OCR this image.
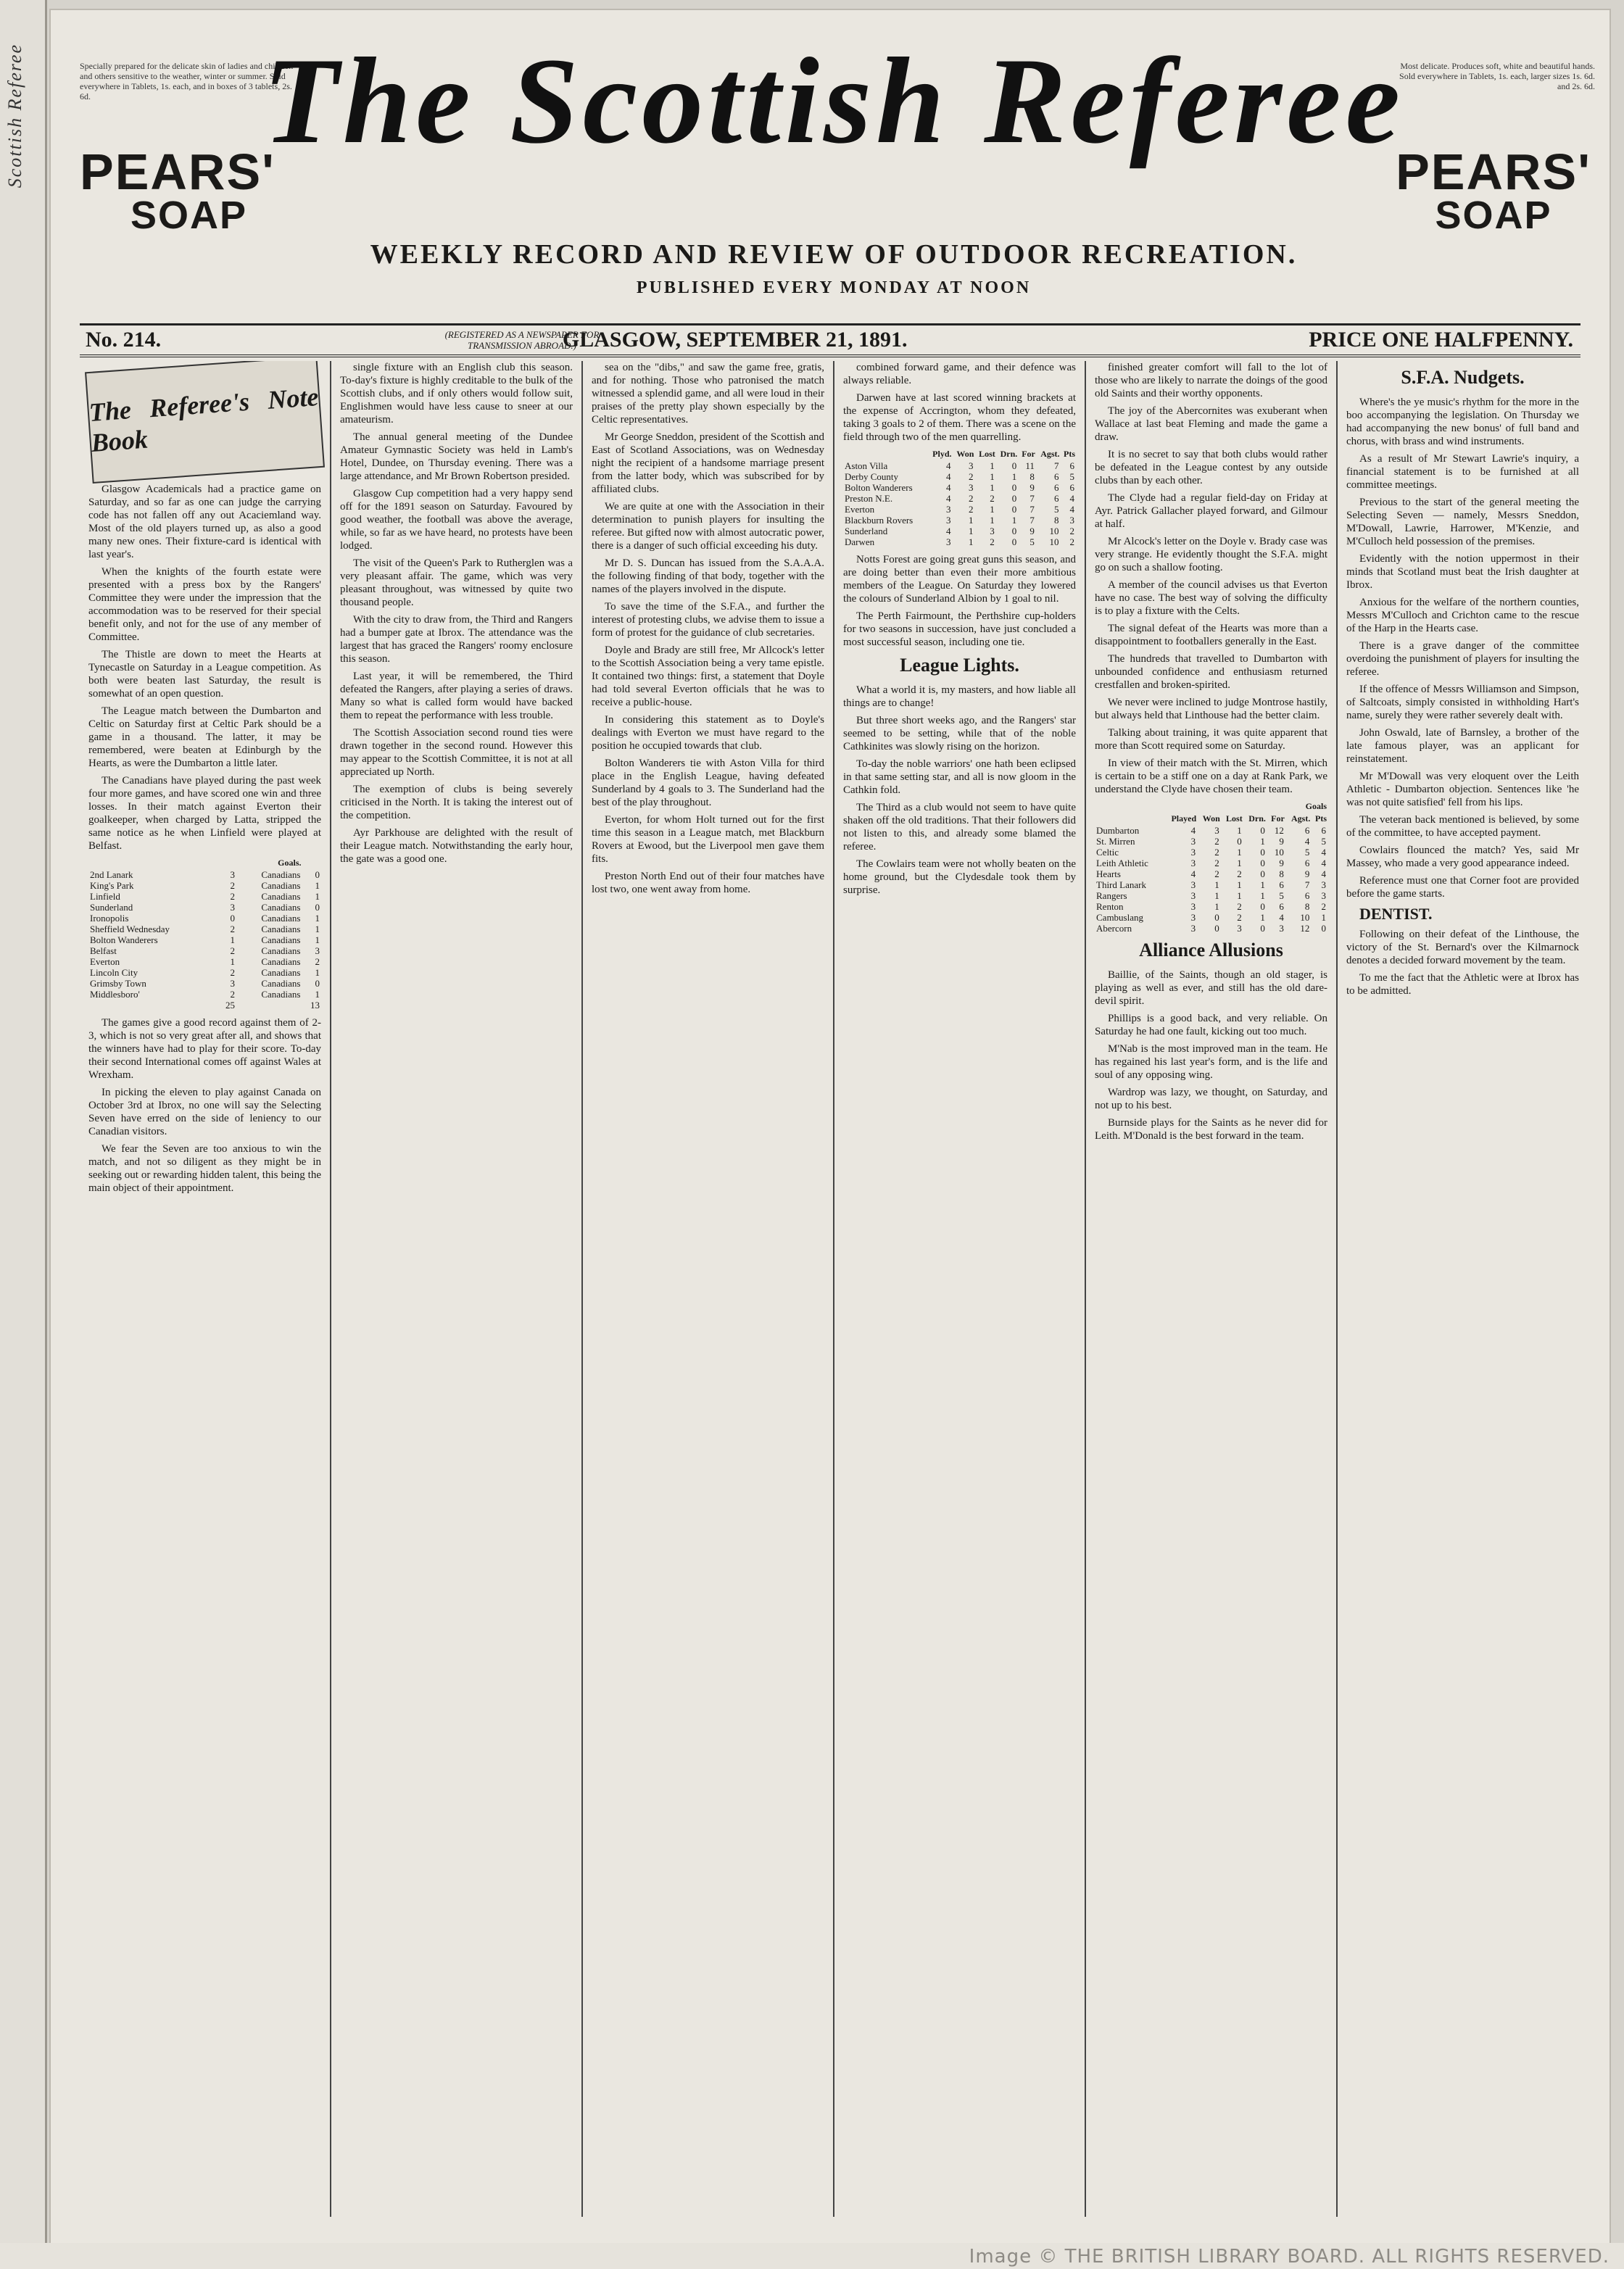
Scottish Referee	Specially prepared for the delicate skin of ladies and children and others sensitive to the weather, winter or summer. Sold everywhere in Tablets, 1s. each, and in boxes of 3 tablets, 2s. 6d.
PEARS'
SOAP
The Scottish Referee
WEEKLY RECORD AND REVIEW OF OUTDOOR RECREATION.
PUBLISHED EVERY MONDAY AT NOON
(REGISTERED AS A NEWSPAPER FOR TRANSMISSION ABROAD.)
Most delicate. Produces soft, white and beautiful hands. Sold everywhere in Tablets, 1s. each, larger sizes 1s. 6d. and 2s. 6d.
PEARS'
SOAP
No. 214.	GLASGOW, SEPTEMBER 21, 1891.	PRICE ONE HALFPENNY.
The Referee's Note Book

Glasgow Academicals had a practice game on Saturday, and so far as one can judge the carrying code has not fallen off any out Acaciemland way. Most of the old players turned up, as also a good many new ones. Their fixture-card is identical with last year's.

When the knights of the fourth estate were presented with a press box by the Rangers' Committee they were under the impression that the accommodation was to be reserved for their special benefit only, and not for the use of any member of Committee.

The Thistle are down to meet the Hearts at Tynecastle on Saturday in a League competition. As both were beaten last Saturday, the result is somewhat of an open question.

The League match between the Dumbarton and Celtic on Saturday first at Celtic Park should be a game in a thousand. The latter, it may be remembered, were beaten at Edinburgh by the Hearts, as were the Dumbarton a little later.

The Canadians have played during the past week four more games, and have scored one win and three losses. In their match against Everton their goalkeeper, when charged by Latta, stripped the same notice as he when Linfield were played at Belfast.

		Goals.	
2nd Lanark	3	Canadians	0
King's Park	2	Canadians	1
Linfield	2	Canadians	1
Sunderland	3	Canadians	0
Ironopolis	0	Canadians	1
Sheffield Wednesday	2	Canadians	1
Bolton Wanderers	1	Canadians	1
Belfast	2	Canadians	3
Everton	1	Canadians	2
Lincoln City	2	Canadians	1
Grimsby Town	3	Canadians	0
Middlesboro'	2	Canadians	1
	25		13

The games give a good record against them of 2-3, which is not so very great after all, and shows that the winners have had to play for their score. To-day their second International comes off against Wales at Wrexham.

In picking the eleven to play against Canada on October 3rd at Ibrox, no one will say the Selecting Seven have erred on the side of leniency to our Canadian visitors.

We fear the Seven are too anxious to win the match, and not so diligent as they might be in seeking out or rewarding hidden talent, this being the main object of their appointment.

single fixture with an English club this season. To-day's fixture is highly creditable to the bulk of the Scottish clubs, and if only others would follow suit, Englishmen would have less cause to sneer at our amateurism.

The annual general meeting of the Dundee Amateur Gymnastic Society was held in Lamb's Hotel, Dundee, on Thursday evening. There was a large attendance, and Mr Brown Robertson presided.

Glasgow Cup competition had a very happy send off for the 1891 season on Saturday. Favoured by good weather, the football was above the average, while, so far as we have heard, no protests have been lodged.

The visit of the Queen's Park to Rutherglen was a very pleasant affair. The game, which was very pleasant throughout, was witnessed by quite two thousand people.

With the city to draw from, the Third and Rangers had a bumper gate at Ibrox. The attendance was the largest that has graced the Rangers' roomy enclosure this season.

Last year, it will be remembered, the Third defeated the Rangers, after playing a series of draws. Many so what is called form would have backed them to repeat the performance with less trouble.

The Scottish Association second round ties were drawn together in the second round. However this may appear to the Scottish Committee, it is not at all appreciated up North.

The exemption of clubs is being severely criticised in the North. It is taking the interest out of the competition.

Ayr Parkhouse are delighted with the result of their League match. Notwithstanding the early hour, the gate was a good one.

sea on the "dibs," and saw the game free, gratis, and for nothing. Those who patronised the match witnessed a splendid game, and all were loud in their praises of the pretty play shown especially by the Celtic representatives.

Mr George Sneddon, president of the Scottish and East of Scotland Associations, was on Wednesday night the recipient of a handsome marriage present from the latter body, which was subscribed for by affiliated clubs.

We are quite at one with the Association in their determination to punish players for insulting the referee. But gifted now with almost autocratic power, there is a danger of such official exceeding his duty.

Mr D. S. Duncan has issued from the S.A.A.A. the following finding of that body, together with the names of the players involved in the dispute.

To save the time of the S.F.A., and further the interest of protesting clubs, we advise them to issue a form of protest for the guidance of club secretaries.

Doyle and Brady are still free, Mr Allcock's letter to the Scottish Association being a very tame epistle. It contained two things: first, a statement that Doyle had told several Everton officials that he was to receive a public-house.

In considering this statement as to Doyle's dealings with Everton we must have regard to the position he occupied towards that club.

Bolton Wanderers tie with Aston Villa for third place in the English League, having defeated Sunderland by 4 goals to 3. The Sunderland had the best of the play throughout.

Everton, for whom Holt turned out for the first time this season in a League match, met Blackburn Rovers at Ewood, but the Liverpool men gave them fits.

Preston North End out of their four matches have lost two, one went away from home.

combined forward game, and their defence was always reliable.

Darwen have at last scored winning brackets at the expense of Accrington, whom they defeated, taking 3 goals to 2 of them. There was a scene on the field through two of the men quarrelling.

	Plyd.	Won	Lost	Drn.	For	Agst.	Pts
Aston Villa	4	3	1	0	11	7	6
Derby County	4	2	1	1	8	6	5
Bolton Wanderers	4	3	1	0	9	6	6
Preston N.E.	4	2	2	0	7	6	4
Everton	3	2	1	0	7	5	4
Blackburn Rovers	3	1	1	1	7	8	3
Sunderland	4	1	3	0	9	10	2
Darwen	3	1	2	0	5	10	2

Notts Forest are going great guns this season, and are doing better than even their more ambitious members of the League. On Saturday they lowered the colours of Sunderland Albion by 1 goal to nil.

The Perth Fairmount, the Perthshire cup-holders for two seasons in succession, have just concluded a most successful season, including one tie.

League Lights.

What a world it is, my masters, and how liable all things are to change!

But three short weeks ago, and the Rangers' star seemed to be setting, while that of the noble Cathkinites was slowly rising on the horizon.

To-day the noble warriors' one hath been eclipsed in that same setting star, and all is now gloom in the Cathkin fold.

The Third as a club would not seem to have quite shaken off the old traditions. That their followers did not listen to this, and already some blamed the referee.

The Cowlairs team were not wholly beaten on the home ground, but the Clydesdale took them by surprise.

finished greater comfort will fall to the lot of those who are likely to narrate the doings of the good old Saints and their worthy opponents.

The joy of the Abercornites was exuberant when Wallace at last beat Fleming and made the game a draw.

It is no secret to say that both clubs would rather be defeated in the League contest by any outside clubs than by each other.

The Clyde had a regular field-day on Friday at Ayr. Patrick Gallacher played forward, and Gilmour at half.

Mr Alcock's letter on the Doyle v. Brady case was very strange. He evidently thought the S.F.A. might go on such a shallow footing.

A member of the council advises us that Everton have no case. The best way of solving the difficulty is to play a fixture with the Celts.

The signal defeat of the Hearts was more than a disappointment to footballers generally in the East.

The hundreds that travelled to Dumbarton with unbounded confidence and enthusiasm returned crestfallen and broken-spirited.

We never were inclined to judge Montrose hastily, but always held that Linthouse had the better claim.

Talking about training, it was quite apparent that more than Scott required some on Saturday.

In view of their match with the St. Mirren, which is certain to be a stiff one on a day at Rank Park, we understand the Clyde have chosen their team.

						Goals	
	Played	Won	Lost	Drn.	For	Agst.	Pts
Dumbarton	4	3	1	0	12	6	6
St. Mirren	3	2	0	1	9	4	5
Celtic	3	2	1	0	10	5	4
Leith Athletic	3	2	1	0	9	6	4
Hearts	4	2	2	0	8	9	4
Third Lanark	3	1	1	1	6	7	3
Rangers	3	1	1	1	5	6	3
Renton	3	1	2	0	6	8	2
Cambuslang	3	0	2	1	4	10	1
Abercorn	3	0	3	0	3	12	0
Alliance Allusions

Baillie, of the Saints, though an old stager, is playing as well as ever, and still has the old dare-devil spirit.

Phillips is a good back, and very reliable. On Saturday he had one fault, kicking out too much.

M'Nab is the most improved man in the team. He has regained his last year's form, and is the life and soul of any opposing wing.

Wardrop was lazy, we thought, on Saturday, and not up to his best.

Burnside plays for the Saints as he never did for Leith. M'Donald is the best forward in the team.

S.F.A. Nudgets.

Where's the ye music's rhythm for the more in the boo accompanying the legislation. On Thursday we had accompanying the new bonus' of full band and chorus, with brass and wind instruments.

As a result of Mr Stewart Lawrie's inquiry, a financial statement is to be furnished at all committee meetings.

Previous to the start of the general meeting the Selecting Seven — namely, Messrs Sneddon, M'Dowall, Lawrie, Harrower, M'Kenzie, and M'Culloch held possession of the premises.

Evidently with the notion uppermost in their minds that Scotland must beat the Irish daughter at Ibrox.

Anxious for the welfare of the northern counties, Messrs M'Culloch and Crichton came to the rescue of the Harp in the Hearts case.

There is a grave danger of the committee overdoing the punishment of players for insulting the referee.

If the offence of Messrs Williamson and Simpson, of Saltcoats, simply consisted in withholding Hart's name, surely they were rather severely dealt with.

John Oswald, late of Barnsley, a brother of the late famous player, was an applicant for reinstatement.

Mr M'Dowall was very eloquent over the Leith Athletic - Dumbarton objection. Sentences like 'he was not quite satisfied' fell from his lips.

The veteran back mentioned is believed, by some of the committee, to have accepted payment.

Cowlairs flounced the match? Yes, said Mr Massey, who made a very good appearance indeed.

Reference must one that Corner foot are provided before the game starts.

DENTIST.

Following on their defeat of the Linthouse, the victory of the St. Bernard's over the Kilmarnock denotes a decided forward movement by the team.

To me the fact that the Athletic were at Ibrox has to be admitted.

Image © THE BRITISH LIBRARY BOARD. ALL RIGHTS RESERVED.
